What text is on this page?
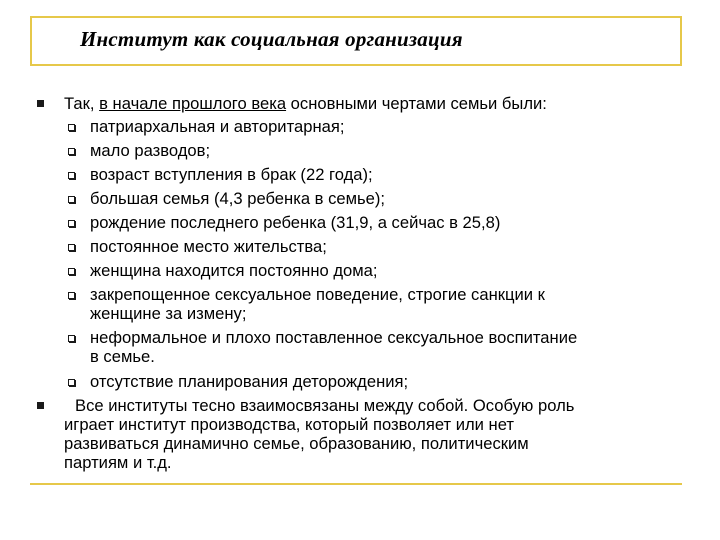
Институт как социальная организация
Так, в начале прошлого века основными чертами семьи были:
патриархальная и авторитарная;
мало разводов;
возраст вступления в брак (22 года);
большая семья (4,3 ребенка в семье);
рождение последнего ребенка (31,9, а сейчас в 25,8)
постоянное место жительства;
женщина находится постоянно дома;
закрепощенное сексуальное поведение, строгие санкции к
женщине за измену;
неформальное и плохо поставленное сексуальное воспитание
в семье.
отсутствие планирования деторождения;
Все институты тесно взаимосвязаны между собой. Особую роль
играет институт производства, который позволяет или нет
развиваться динамично семье, образованию, политическим
партиям и т.д.
